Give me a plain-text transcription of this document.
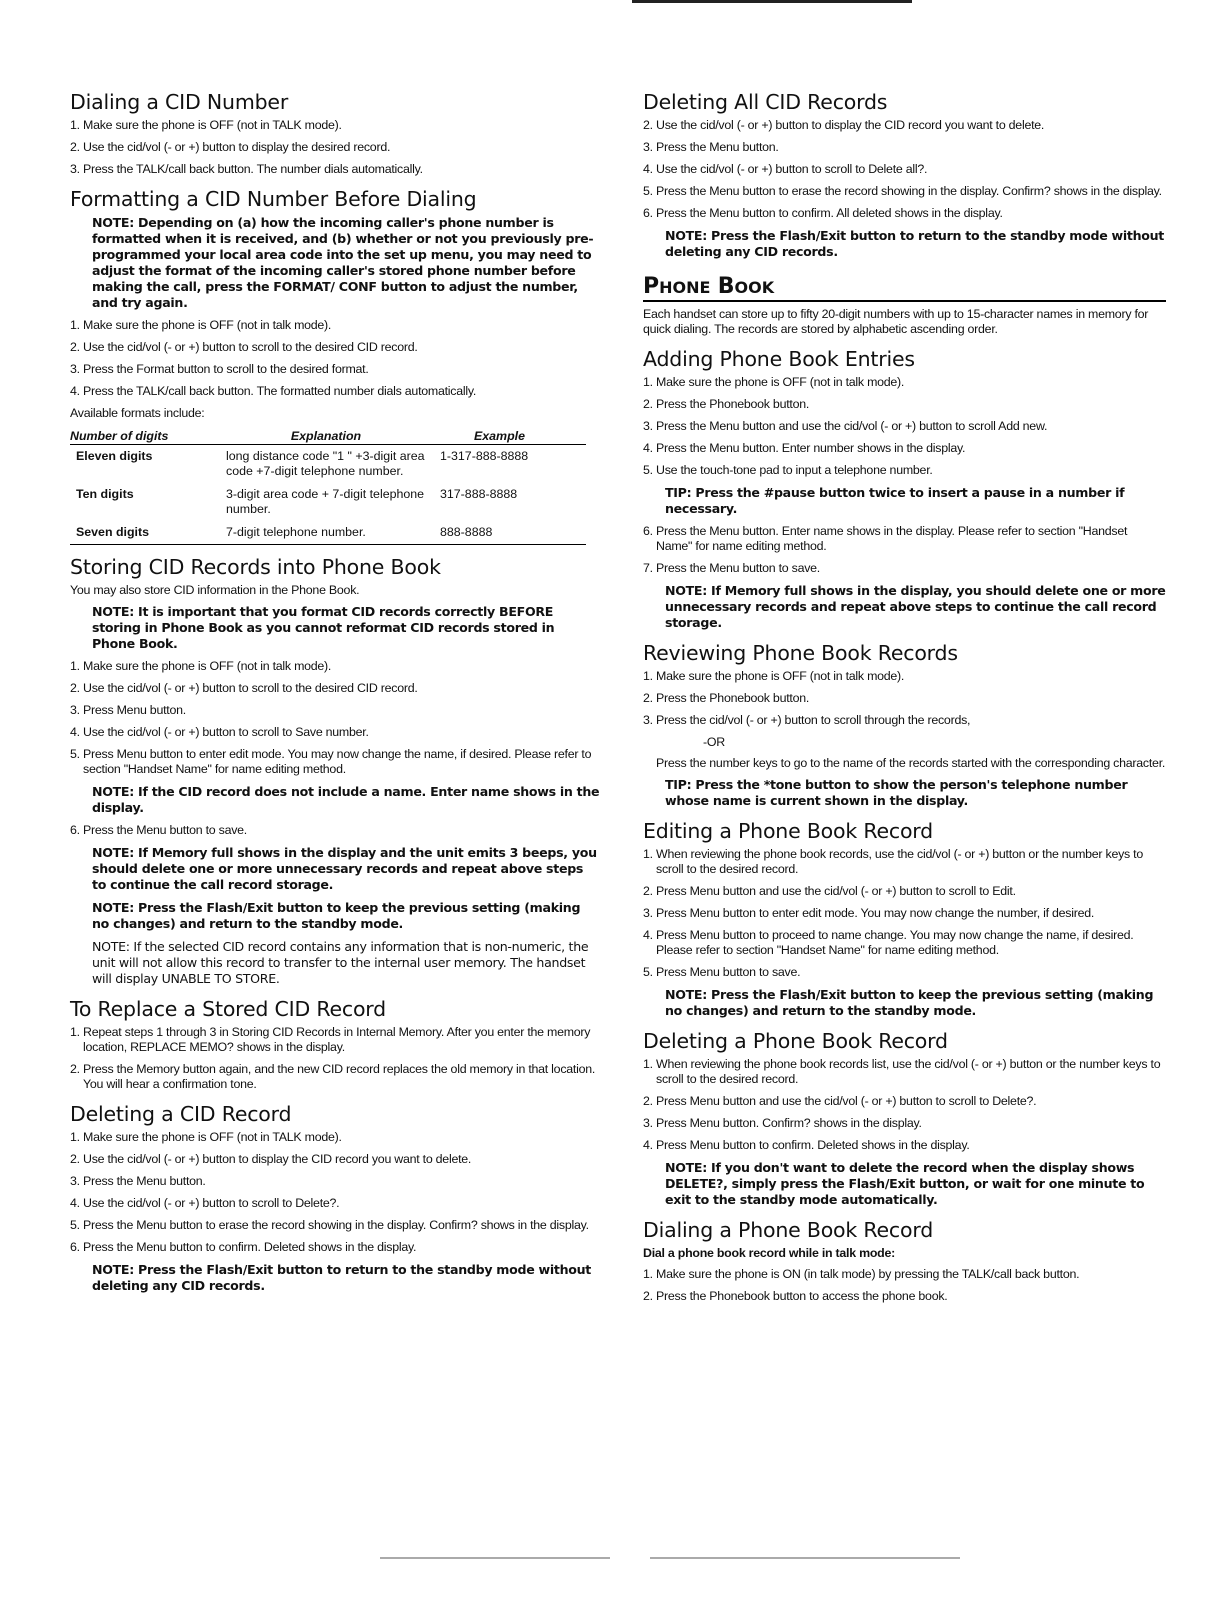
Dialing a CID Number
1. Make sure the phone is OFF (not in TALK mode).
2. Use the cid/vol (- or +) button to display the desired record.
3. Press the TALK/call back button. The number dials automatically.
Formatting a CID Number Before Dialing
NOTE: Depending on (a) how the incoming caller's phone number is formatted when it is received, and (b) whether or not you previously pre-programmed your local area code into the set up menu, you may need to adjust the format of the incoming caller's stored phone number before making the call, press the FORMAT/ CONF button to adjust the number, and try again.
1. Make sure the phone is OFF (not in talk mode).
2. Use the cid/vol (- or +) button to scroll to the desired CID record.
3. Press the Format button to scroll to the desired format.
4. Press the TALK/call back button. The formatted number dials automatically.

Available formats include:

Number of digits	Explanation	Example
Eleven digits	long distance code "1 " +3-digit area code +7-digit telephone number.	1-317-888-8888
Ten digits	3-digit area code + 7-digit telephone number.	317-888-8888
Seven digits	7-digit telephone number.	888-8888
Storing CID Records into Phone Book

You may also store CID information in the Phone Book.

NOTE: It is important that you format CID records correctly BEFORE storing in Phone Book as you cannot reformat CID records stored in Phone Book.
1. Make sure the phone is OFF (not in talk mode).
2. Use the cid/vol (- or +) button to scroll to the desired CID record.
3. Press Menu button.
4. Use the cid/vol (- or +) button to scroll to Save number.
5. Press Menu button to enter edit mode. You may now change the name, if desired. Please refer to section "Handset Name" for name editing method.
NOTE: If the CID record does not include a name. Enter name shows in the display.
6. Press the Menu button to save.
NOTE: If Memory full shows in the display and the unit emits 3 beeps, you should delete one or more unnecessary records and repeat above steps to continue the call record storage.
NOTE: Press the Flash/Exit button to keep the previous setting (making no changes) and return to the standby mode.
NOTE: If the selected CID record contains any information that is non-numeric, the unit will not allow this record to transfer to the internal user memory. The handset will display UNABLE TO STORE.
To Replace a Stored CID Record
1. Repeat steps 1 through 3 in Storing CID Records in Internal Memory. After you enter the memory location, REPLACE MEMO? shows in the display.
2. Press the Memory button again, and the new CID record replaces the old memory in that location. You will hear a confirmation tone.
Deleting a CID Record
1. Make sure the phone is OFF (not in TALK mode).
2. Use the cid/vol (- or +) button to display the CID record you want to delete.
3. Press the Menu button.
4. Use the cid/vol (- or +) button to scroll to Delete?.
5. Press the Menu button to erase the record showing in the display. Confirm? shows in the display.
6. Press the Menu button to confirm. Deleted shows in the display.
NOTE: Press the Flash/Exit button to return to the standby mode without deleting any CID records.
Deleting All CID Records
2. Use the cid/vol (- or +) button to display the CID record you want to delete.
3. Press the Menu button.
4. Use the cid/vol (- or +) button to scroll to Delete all?.
5. Press the Menu button to erase the record showing in the display. Confirm? shows in the display.
6. Press the Menu button to confirm. All deleted shows in the display.
NOTE: Press the Flash/Exit button to return to the standby mode without deleting any CID records.
PHONE BOOK

Each handset can store up to fifty 20-digit numbers with up to 15-character names in memory for quick dialing. The records are stored by alphabetic ascending order.

Adding Phone Book Entries
1. Make sure the phone is OFF (not in talk mode).
2. Press the Phonebook button.
3. Press the Menu button and use the cid/vol (- or +) button to scroll Add new.
4. Press the Menu button. Enter number shows in the display.
5. Use the touch-tone pad to input a telephone number.
TIP: Press the #pause button twice to insert a pause in a number if necessary.
6. Press the Menu button. Enter name shows in the display. Please refer to section "Handset Name" for name editing method.
7. Press the Menu button to save.
NOTE: If Memory full shows in the display, you should delete one or more unnecessary records and repeat above steps to continue the call record storage.
Reviewing Phone Book Records
1. Make sure the phone is OFF (not in talk mode).
2. Press the Phonebook button.
3. Press the cid/vol (- or +) button to scroll through the records,

-OR

Press the number keys to go to the name of the records started with the corresponding character.

TIP: Press the *tone button to show the person's telephone number whose name is current shown in the display.
Editing a Phone Book Record
1. When reviewing the phone book records, use the cid/vol (- or +) button or the number keys to scroll to the desired record.
2. Press Menu button and use the cid/vol (- or +) button to scroll to Edit.
3. Press Menu button to enter edit mode. You may now change the number, if desired.
4. Press Menu button to proceed to name change. You may now change the name, if desired. Please refer to section "Handset Name" for name editing method.
5. Press Menu button to save.
NOTE: Press the Flash/Exit button to keep the previous setting (making no changes) and return to the standby mode.
Deleting a Phone Book Record
1. When reviewing the phone book records list, use the cid/vol (- or +) button or the number keys to scroll to the desired record.
2. Press Menu button and use the cid/vol (- or +) button to scroll to Delete?.
3. Press Menu button. Confirm? shows in the display.
4. Press Menu button to confirm. Deleted shows in the display.
NOTE: If you don't want to delete the record when the display shows DELETE?, simply press the Flash/Exit button, or wait for one minute to exit to the standby mode automatically.
Dialing a Phone Book Record

Dial a phone book record while in talk mode:

1. Make sure the phone is ON (in talk mode) by pressing the TALK/call back button.
2. Press the Phonebook button to access the phone book.
